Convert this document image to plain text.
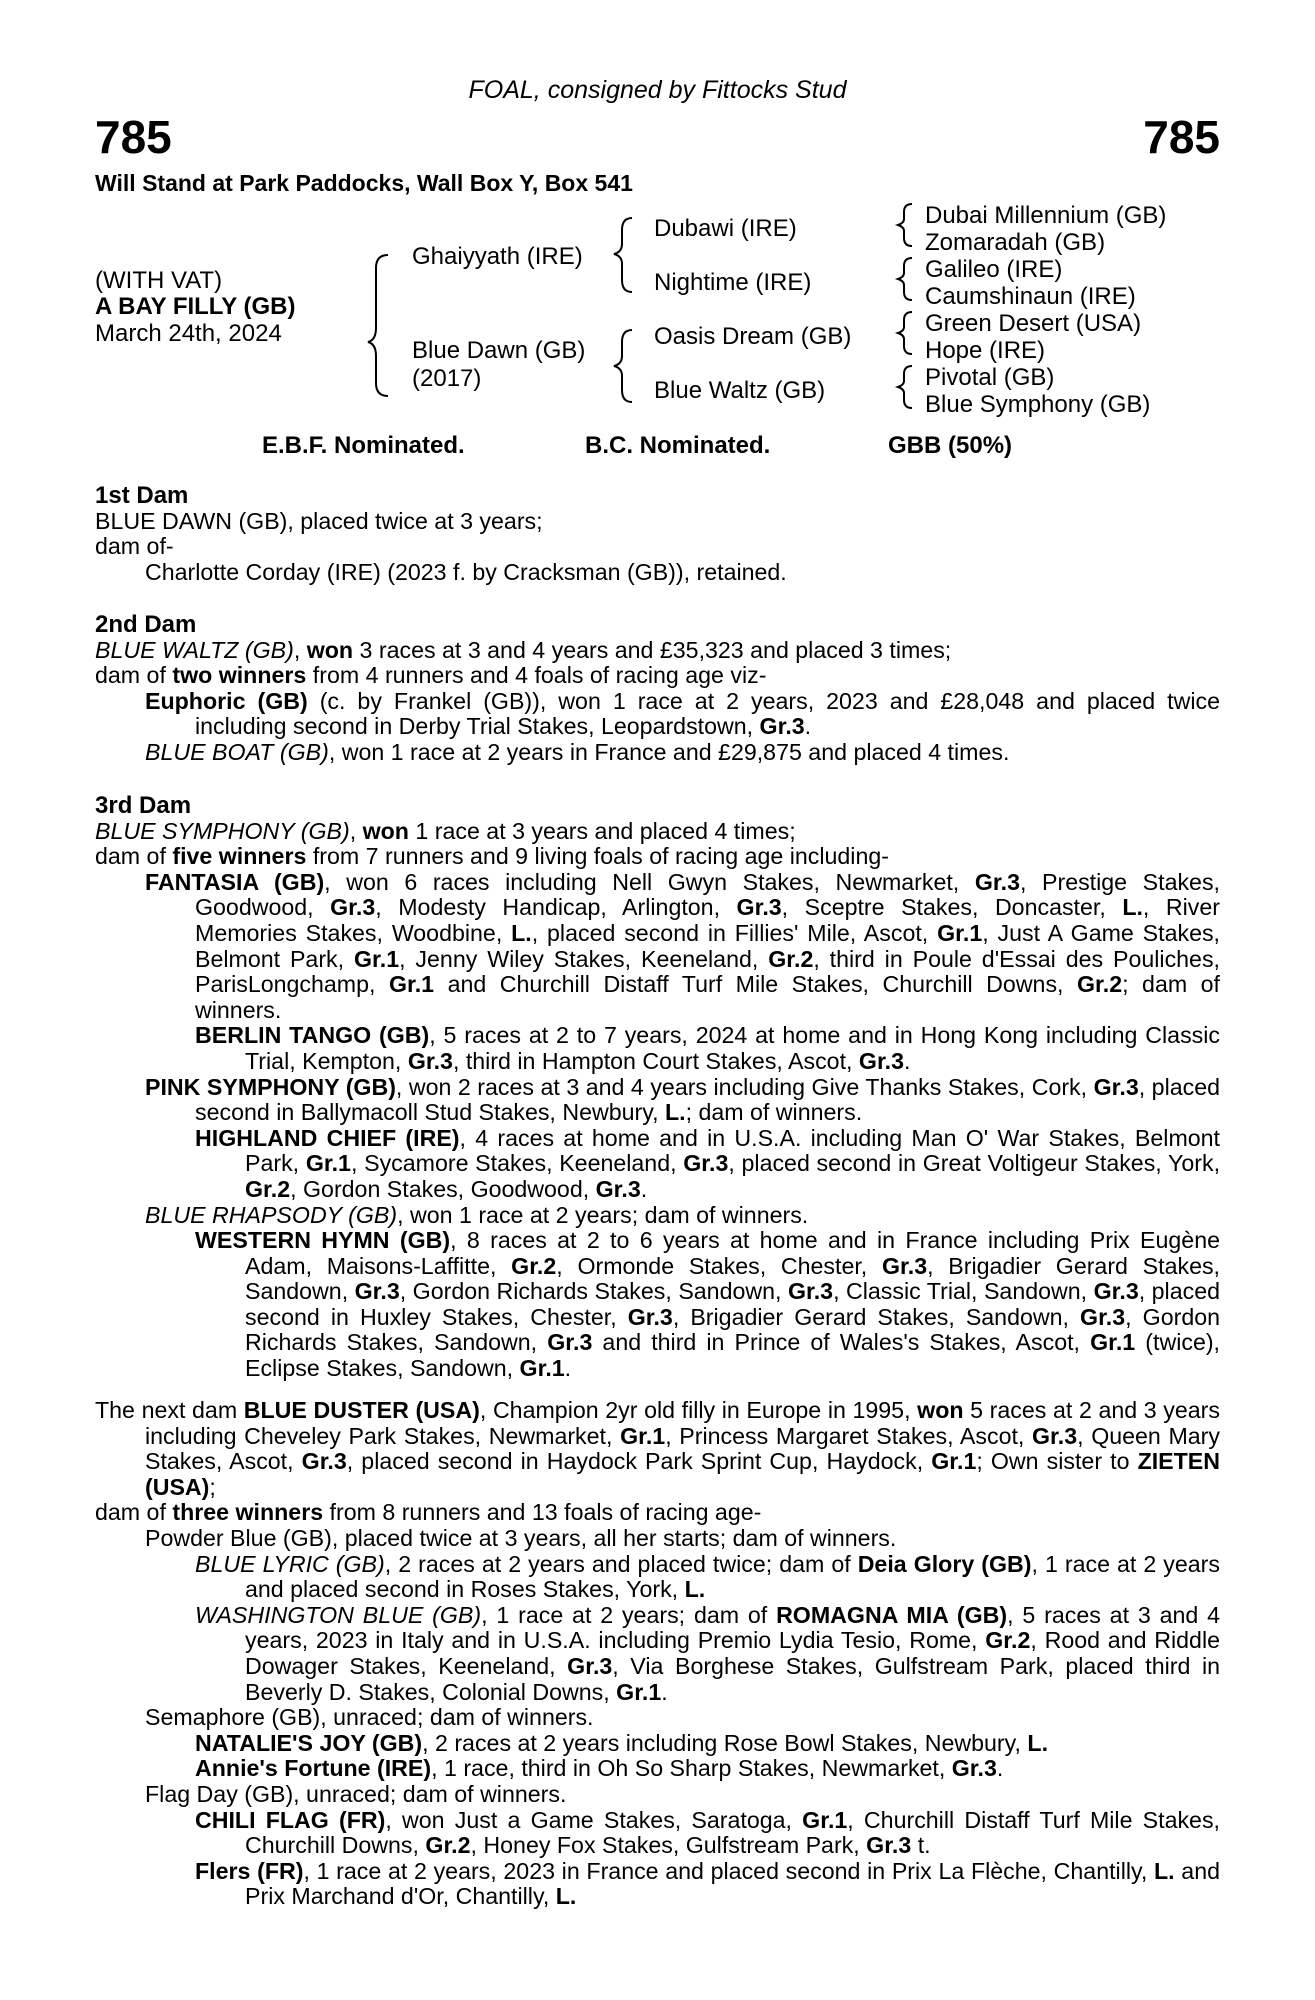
FOAL, consigned by Fittocks Stud
785	785
Will Stand at Park Paddocks, Wall Box Y, Box 541
(WITH VAT)
A BAY FILLY (GB)
March 24th, 2024
Ghaiyyath (IRE)
Blue Dawn (GB)
(2017)
Dubawi (IRE)
Nightime (IRE)
Oasis Dream (GB)
Blue Waltz (GB)
Dubai Millennium (GB)
Zomaradah (GB)
Galileo (IRE)
Caumshinaun (IRE)
Green Desert (USA)
Hope (IRE)
Pivotal (GB)
Blue Symphony (GB)
E.B.F. Nominated.	B.C. Nominated.	GBB (50%)
1st Dam
BLUE DAWN (GB), placed twice at 3 years;
dam of-
Charlotte Corday (IRE) (2023 f. by Cracksman (GB)), retained.
2nd Dam
BLUE WALTZ (GB), won 3 races at 3 and 4 years and £35,323 and placed 3 times;
dam of two winners from 4 runners and 4 foals of racing age viz-
Euphoric (GB) (c. by Frankel (GB)), won 1 race at 2 years, 2023 and £28,048 and placed twice including second in Derby Trial Stakes, Leopardstown, Gr.3.
BLUE BOAT (GB), won 1 race at 2 years in France and £29,875 and placed 4 times.
3rd Dam
BLUE SYMPHONY (GB), won 1 race at 3 years and placed 4 times;
dam of five winners from 7 runners and 9 living foals of racing age including-
FANTASIA (GB), won 6 races including Nell Gwyn Stakes, Newmarket, Gr.3, Prestige Stakes, Goodwood, Gr.3, Modesty Handicap, Arlington, Gr.3, Sceptre Stakes, Doncaster, L., River Memories Stakes, Woodbine, L., placed second in Fillies' Mile, Ascot, Gr.1, Just A Game Stakes, Belmont Park, Gr.1, Jenny Wiley Stakes, Keeneland, Gr.2, third in Poule d'Essai des Pouliches, ParisLongchamp, Gr.1 and Churchill Distaff Turf Mile Stakes, Churchill Downs, Gr.2; dam of winners.
BERLIN TANGO (GB), 5 races at 2 to 7 years, 2024 at home and in Hong Kong including Classic Trial, Kempton, Gr.3, third in Hampton Court Stakes, Ascot, Gr.3.
PINK SYMPHONY (GB), won 2 races at 3 and 4 years including Give Thanks Stakes, Cork, Gr.3, placed second in Ballymacoll Stud Stakes, Newbury, L.; dam of winners.
HIGHLAND CHIEF (IRE), 4 races at home and in U.S.A. including Man O' War Stakes, Belmont Park, Gr.1, Sycamore Stakes, Keeneland, Gr.3, placed second in Great Voltigeur Stakes, York, Gr.2, Gordon Stakes, Goodwood, Gr.3.
BLUE RHAPSODY (GB), won 1 race at 2 years; dam of winners.
WESTERN HYMN (GB), 8 races at 2 to 6 years at home and in France including Prix Eugène Adam, Maisons-Laffitte, Gr.2, Ormonde Stakes, Chester, Gr.3, Brigadier Gerard Stakes, Sandown, Gr.3, Gordon Richards Stakes, Sandown, Gr.3, Classic Trial, Sandown, Gr.3, placed second in Huxley Stakes, Chester, Gr.3, Brigadier Gerard Stakes, Sandown, Gr.3, Gordon Richards Stakes, Sandown, Gr.3 and third in Prince of Wales's Stakes, Ascot, Gr.1 (twice), Eclipse Stakes, Sandown, Gr.1.
The next dam BLUE DUSTER (USA), Champion 2yr old filly in Europe in 1995, won 5 races at 2 and 3 years including Cheveley Park Stakes, Newmarket, Gr.1, Princess Margaret Stakes, Ascot, Gr.3, Queen Mary Stakes, Ascot, Gr.3, placed second in Haydock Park Sprint Cup, Haydock, Gr.1; Own sister to ZIETEN (USA);
dam of three winners from 8 runners and 13 foals of racing age-
Powder Blue (GB), placed twice at 3 years, all her starts; dam of winners.
BLUE LYRIC (GB), 2 races at 2 years and placed twice; dam of Deia Glory (GB), 1 race at 2 years and placed second in Roses Stakes, York, L.
WASHINGTON BLUE (GB), 1 race at 2 years; dam of ROMAGNA MIA (GB), 5 races at 3 and 4 years, 2023 in Italy and in U.S.A. including Premio Lydia Tesio, Rome, Gr.2, Rood and Riddle Dowager Stakes, Keeneland, Gr.3, Via Borghese Stakes, Gulfstream Park, placed third in Beverly D. Stakes, Colonial Downs, Gr.1.
Semaphore (GB), unraced; dam of winners.
NATALIE'S JOY (GB), 2 races at 2 years including Rose Bowl Stakes, Newbury, L.
Annie's Fortune (IRE), 1 race, third in Oh So Sharp Stakes, Newmarket, Gr.3.
Flag Day (GB), unraced; dam of winners.
CHILI FLAG (FR), won Just a Game Stakes, Saratoga, Gr.1, Churchill Distaff Turf Mile Stakes, Churchill Downs, Gr.2, Honey Fox Stakes, Gulfstream Park, Gr.3 t.
Flers (FR), 1 race at 2 years, 2023 in France and placed second in Prix La Flèche, Chantilly, L. and Prix Marchand d'Or, Chantilly, L.
